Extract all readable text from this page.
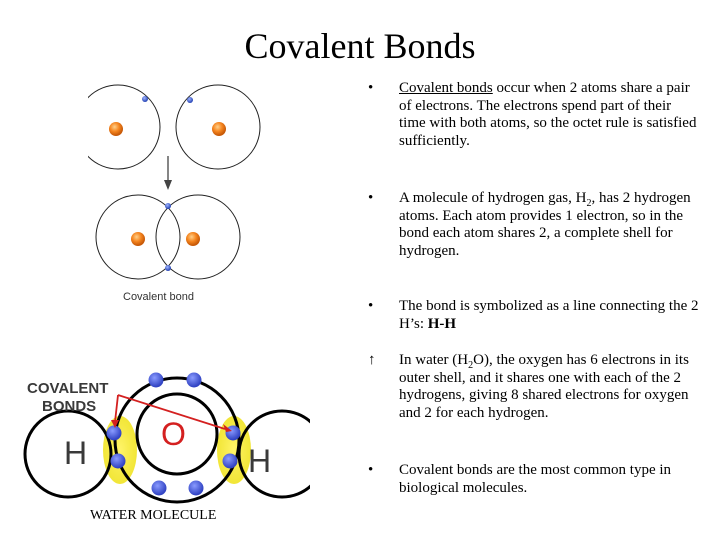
Covalent Bonds
Covalent bond
COVALENT
BONDS
O
H	H
WATER MOLECULE
•	Covalent bonds occur when 2 atoms share a pair of electrons. The electrons spend part of their time with both atoms, so the octet rule is satisfied sufficiently.
•	A molecule of hydrogen gas, $H_2$, has 2 hydrogen atoms. Each atom provides 1 electron, so in the bond each atom shares 2, a complete shell for hydrogen.
•	The bond is symbolized as a line connecting the 2 H’s: H-H
↑	In water $(H_2O)$, the oxygen has 6 electrons in its outer shell, and it shares one with each of the 2 hydrogens, giving 8 shared electrons for oxygen and 2 for each hydrogen.
•	Covalent bonds are the most common type in biological molecules.
